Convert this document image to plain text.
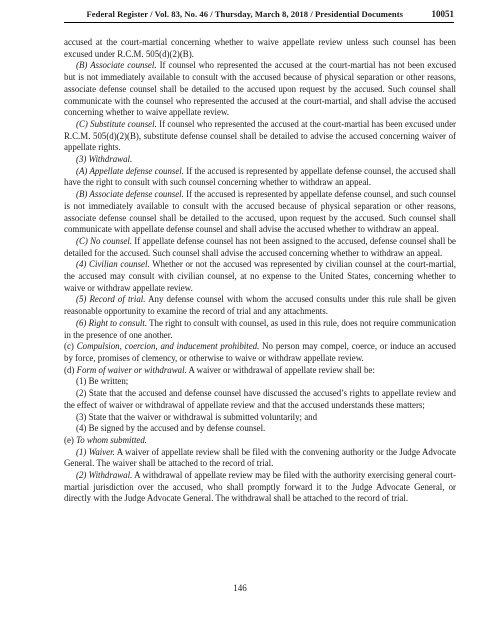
Federal Register / Vol. 83, No. 46 / Thursday, March 8, 2018 / Presidential Documents	10051

accused at the court-martial concerning whether to waive appellate review unless such counsel has been excused under R.C.M. 505(d)(2)(B).

(B) Associate counsel. If counsel who represented the accused at the court-martial has not been excused but is not immediately available to consult with the accused because of physical separation or other reasons, associate defense counsel shall be detailed to the accused upon request by the accused. Such counsel shall communicate with the counsel who represented the accused at the court-martial, and shall advise the accused concerning whether to waive appellate review.

(C) Substitute counsel. If counsel who represented the accused at the court-martial has been excused under R.C.M. 505(d)(2)(B), substitute defense counsel shall be detailed to advise the accused concerning waiver of appellate rights.

(3) Withdrawal.

(A) Appellate defense counsel. If the accused is represented by appellate defense counsel, the accused shall have the right to consult with such counsel concerning whether to withdraw an appeal.

(B) Associate defense counsel. If the accused is represented by appellate defense counsel, and such counsel is not immediately available to consult with the accused because of physical separation or other reasons, associate defense counsel shall be detailed to the accused, upon request by the accused. Such counsel shall communicate with appellate defense counsel and shall advise the accused whether to withdraw an appeal.

(C) No counsel. If appellate defense counsel has not been assigned to the accused, defense counsel shall be detailed for the accused. Such counsel shall advise the accused concerning whether to withdraw an appeal.

(4) Civilian counsel. Whether or not the accused was represented by civilian counsel at the court-martial, the accused may consult with civilian counsel, at no expense to the United States, concerning whether to waive or withdraw appellate review.

(5) Record of trial. Any defense counsel with whom the accused consults under this rule shall be given reasonable opportunity to examine the record of trial and any attachments.

(6) Right to consult. The right to consult with counsel, as used in this rule, does not require communication in the presence of one another.

(c) Compulsion, coercion, and inducement prohibited. No person may compel, coerce, or induce an accused by force, promises of clemency, or otherwise to waive or withdraw appellate review.

(d) Form of waiver or withdrawal. A waiver or withdrawal of appellate review shall be:

(1) Be written;

(2) State that the accused and defense counsel have discussed the accused’s rights to appellate review and the effect of waiver or withdrawal of appellate review and that the accused understands these matters;

(3) State that the waiver or withdrawal is submitted voluntarily; and

(4) Be signed by the accused and by defense counsel.

(e) To whom submitted.

(1) Waiver. A waiver of appellate review shall be filed with the convening authority or the Judge Advocate General. The waiver shall be attached to the record of trial.

(2) Withdrawal. A withdrawal of appellate review may be filed with the authority exercising general court-martial jurisdiction over the accused, who shall promptly forward it to the Judge Advocate General, or directly with the Judge Advocate General. The withdrawal shall be attached to the record of trial.

146
